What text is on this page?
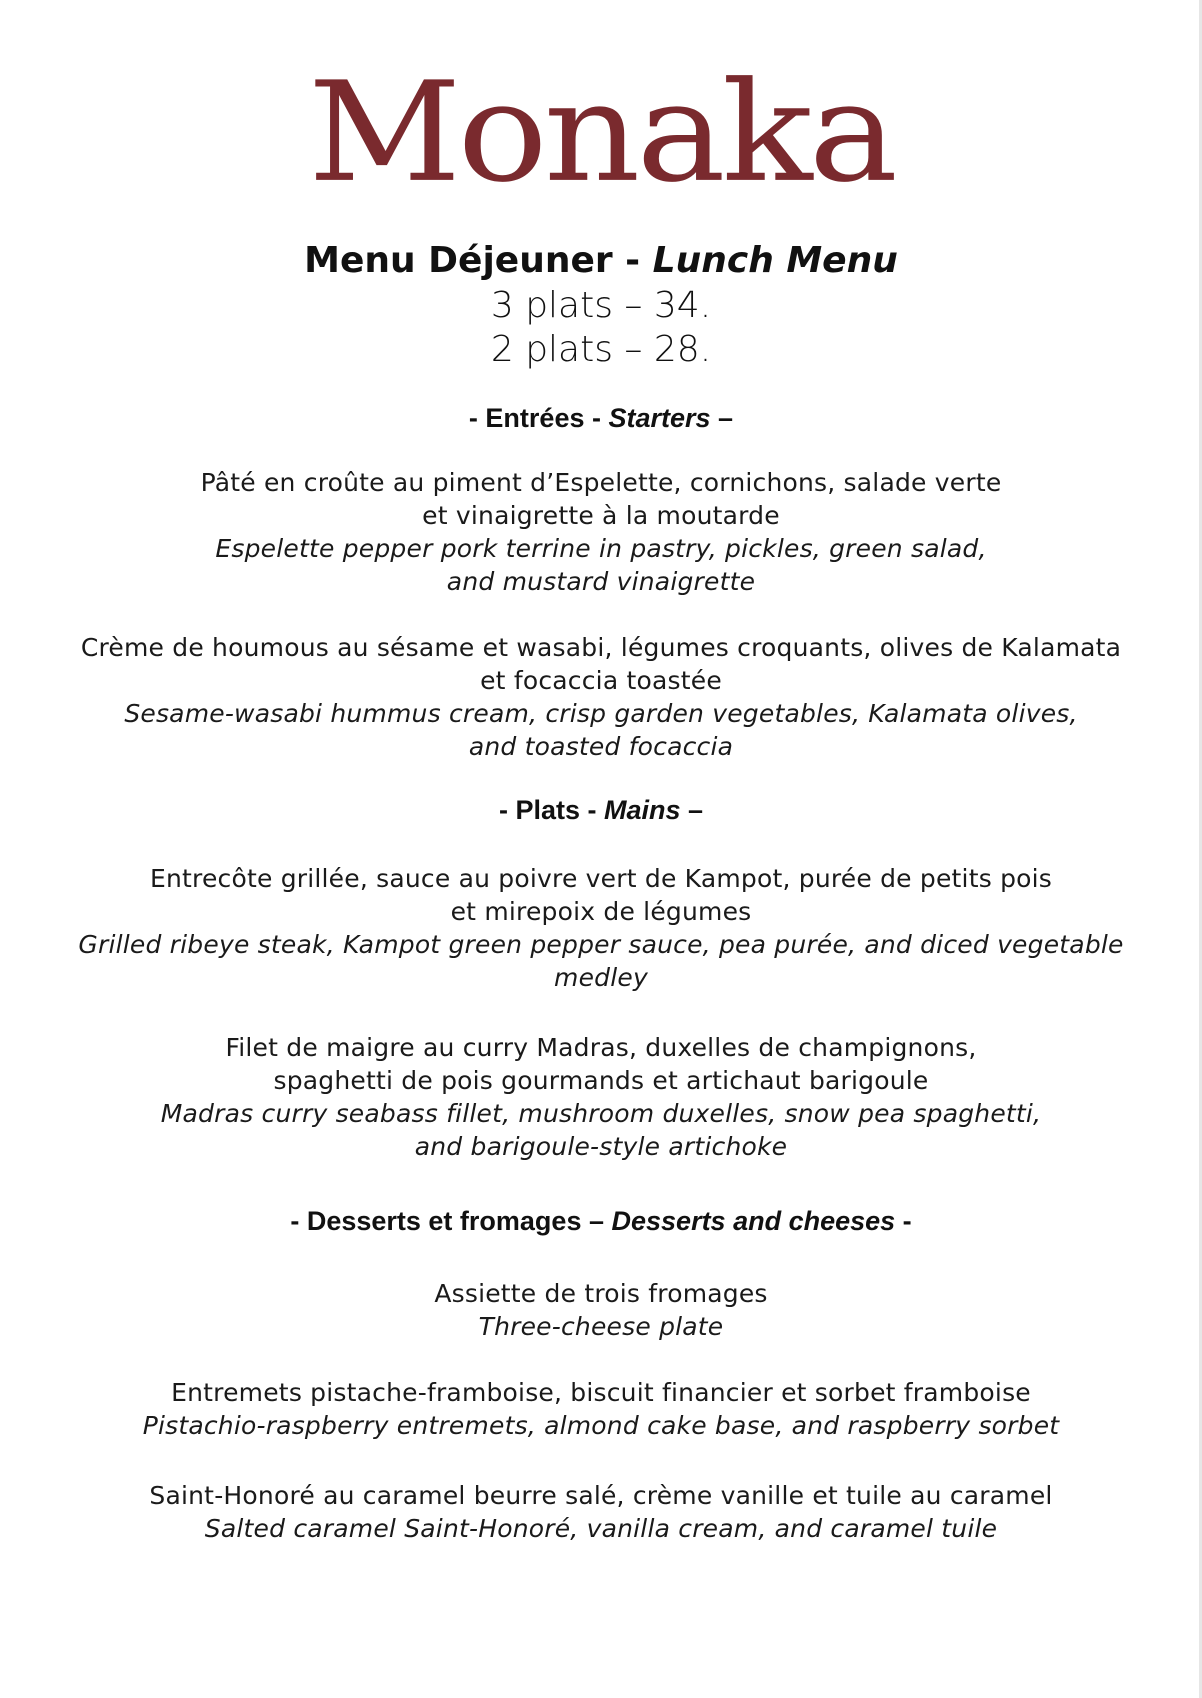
Monaka
Menu Déjeuner - Lunch Menu
3 plats – 34.
2 plats – 28.
- Entrées - Starters –
Pâté en croûte au piment d’Espelette, cornichons, salade verte
et vinaigrette à la moutarde
Espelette pepper pork terrine in pastry, pickles, green salad,
and mustard vinaigrette
Crème de houmous au sésame et wasabi, légumes croquants, olives de Kalamata
et focaccia toastée
Sesame-wasabi hummus cream, crisp garden vegetables, Kalamata olives,
and toasted focaccia
- Plats - Mains –
Entrecôte grillée, sauce au poivre vert de Kampot, purée de petits pois
et mirepoix de légumes
Grilled ribeye steak, Kampot green pepper sauce, pea purée, and diced vegetable
medley
Filet de maigre au curry Madras, duxelles de champignons,
spaghetti de pois gourmands et artichaut barigoule
Madras curry seabass fillet, mushroom duxelles, snow pea spaghetti,
and barigoule-style artichoke
- Desserts et fromages – Desserts and cheeses -
Assiette de trois fromages
Three-cheese plate
Entremets pistache-framboise, biscuit financier et sorbet framboise
Pistachio-raspberry entremets, almond cake base, and raspberry sorbet
Saint-Honoré au caramel beurre salé, crème vanille et tuile au caramel
Salted caramel Saint-Honoré, vanilla cream, and caramel tuile
